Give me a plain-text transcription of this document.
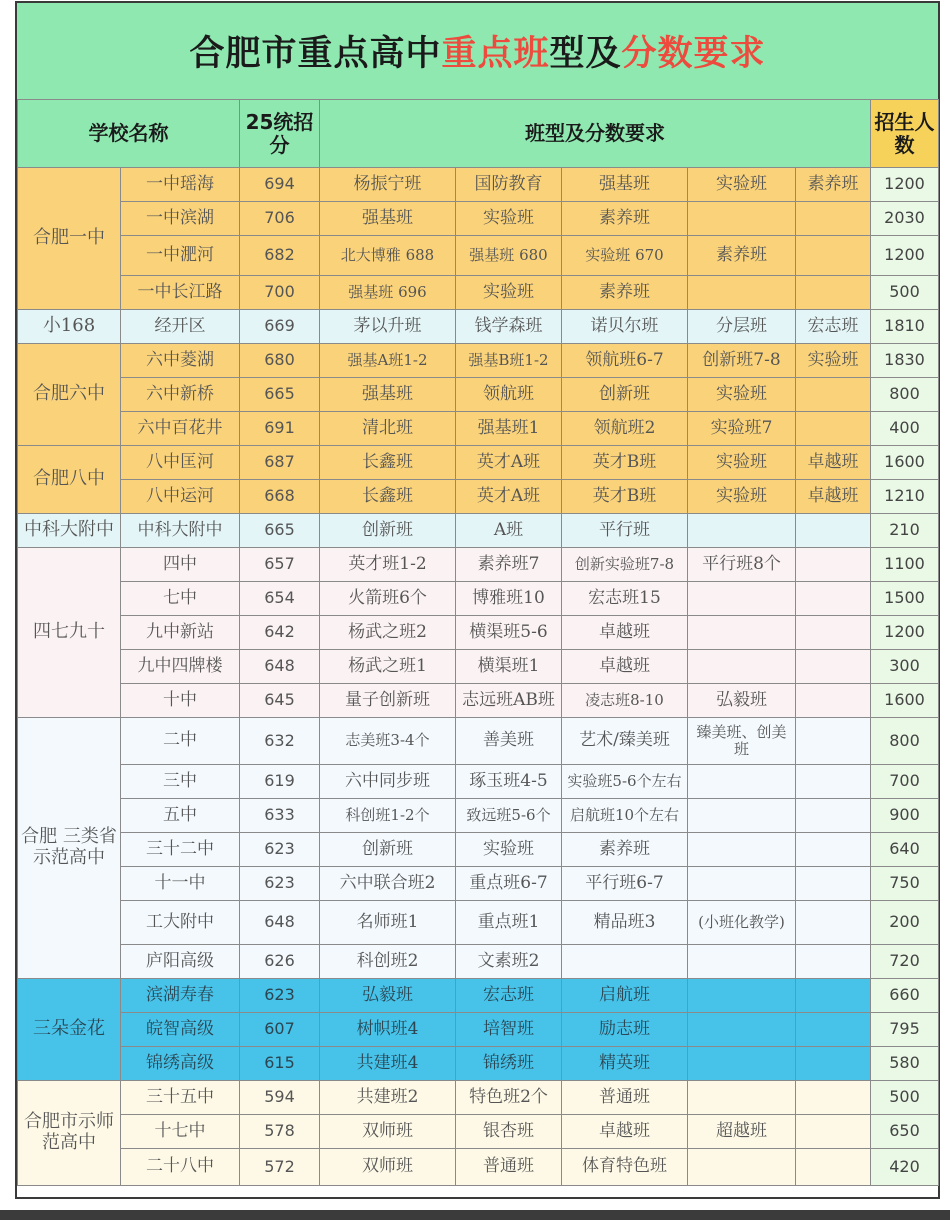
合肥市重点高中 重点班 型及 分数要求
学校名称		25统招分	班型及分数要求					招生人数
合肥一中	一中瑶海	694	杨振宁班	国防教育	强基班	实验班	素养班	1200
	一中滨湖	706	强基班	实验班	素养班			2030
	一中淝河	682	北大博雅 688	强基班 680	实验班 670	素养班		1200
	一中长江路	700	强基班 696	实验班	素养班			500
小168	经开区	669	茅以升班	钱学森班	诺贝尔班	分层班	宏志班	1810
合肥六中	六中菱湖	680	强基A班1-2	强基B班1-2	领航班6-7	创新班7-8	实验班	1830
	六中新桥	665	强基班	领航班	创新班	实验班		800
	六中百花井	691	清北班	强基班1	领航班2	实验班7		400
合肥八中	八中匡河	687	长鑫班	英才A班	英才B班	实验班	卓越班	1600
	八中运河	668	长鑫班	英才A班	英才B班	实验班	卓越班	1210
中科大附中	中科大附中	665	创新班	A班	平行班			210
四七九十	四中	657	英才班1-2	素养班7	创新实验班7-8	平行班8个		1100
	七中	654	火箭班6个	博雅班10	宏志班15			1500
	九中新站	642	杨武之班2	横渠班5-6	卓越班			1200
	九中四牌楼	648	杨武之班1	横渠班1	卓越班			300
	十中	645	量子创新班	志远班AB班	凌志班8-10	弘毅班		1600
合肥 三类省示范高中	二中	632	志美班3-4个	善美班	艺术/臻美班	臻美班、创美班		800
	三中	619	六中同步班	琢玉班4-5	实验班5-6个左右			700
	五中	633	科创班1-2个	致远班5-6个	启航班10个左右			900
	三十二中	623	创新班	实验班	素养班			640
	十一中	623	六中联合班2	重点班6-7	平行班6-7			750
	工大附中	648	名师班1	重点班1	精品班3	(小班化教学)		200
	庐阳高级	626	科创班2	文素班2				720
三朵金花	滨湖寿春	623	弘毅班	宏志班	启航班			660
	皖智高级	607	树帜班4	培智班	励志班			795
	锦绣高级	615	共建班4	锦绣班	精英班			580
合肥市示师范高中	三十五中	594	共建班2	特色班2个	普通班			500
	十七中	578	双师班	银杏班	卓越班	超越班		650
	二十八中	572	双师班	普通班	体育特色班			420
